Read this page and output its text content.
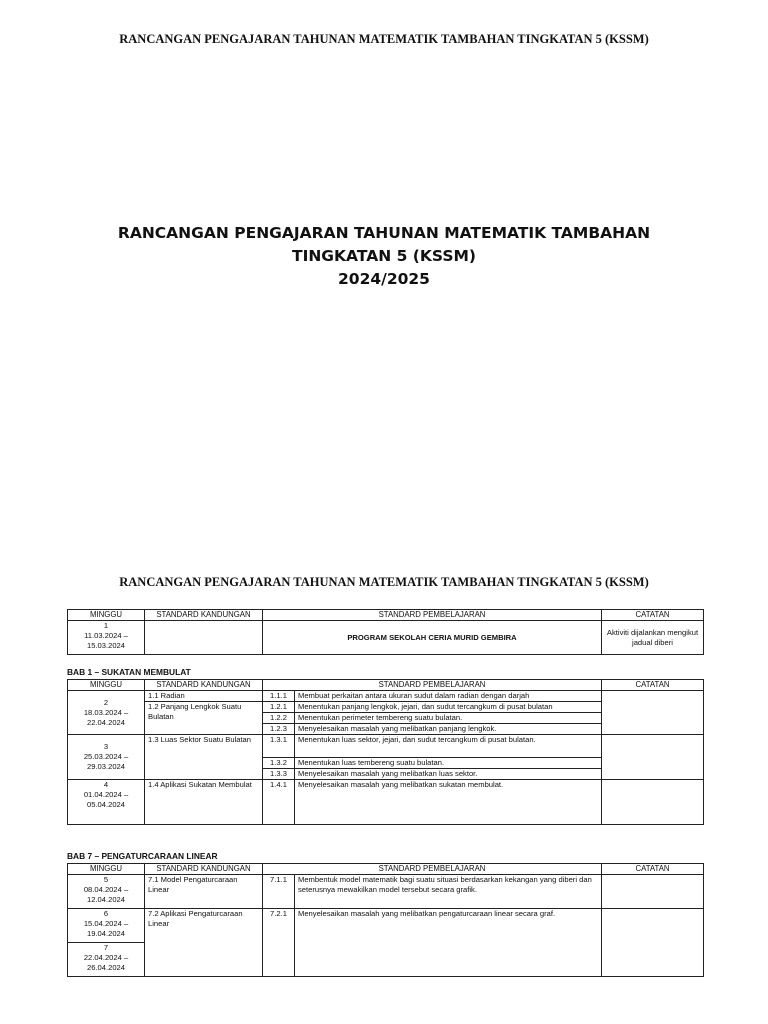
RANCANGAN PENGAJARAN TAHUNAN MATEMATIK TAMBAHAN TINGKATAN 5 (KSSM)
RANCANGAN PENGAJARAN TAHUNAN MATEMATIK TAMBAHAN
TINGKATAN 5 (KSSM)
2024/2025
RANCANGAN PENGAJARAN TAHUNAN MATEMATIK TAMBAHAN TINGKATAN 5 (KSSM)
MINGGU	STANDARD KANDUNGAN	STANDARD PEMBELAJARAN	CATATAN

1
11.03.2024 –
15.03.2024		PROGRAM SEKOLAH CERIA MURID GEMBIRA	Aktiviti dijalankan mengikut jadual diberi
BAB 1 – SUKATAN MEMBULAT
MINGGU	STANDARD KANDUNGAN	STANDARD PEMBELAJARAN		CATATAN

2
18.03.2024 –
22.04.2024	1.1 Radian	1.1.1	Membuat perkaitan antara ukuran sudut dalam radian dengan darjah	
	1.2 Panjang Lengkok Suatu Bulatan	1.2.1	Menentukan panjang lengkok, jejari, dan sudut tercangkum di pusat bulatan	
		1.2.2	Menentukan perimeter tembereng suatu bulatan.	
		1.2.3	Menyelesaikan masalah yang melibatkan panjang lengkok.	

3
25.03.2024 –
29.03.2024	1.3 Luas Sektor Suatu Bulatan	1.3.1	Menentukan luas sektor, jejari, dan sudut tercangkum di pusat bulatan.	
		1.3.2	Menentukan luas tembereng suatu bulatan.	
		1.3.3	Menyelesaikan masalah yang melibatkan luas sektor.	

4
01.04.2024 –
05.04.2024	1.4 Aplikasi Sukatan Membulat	1.4.1	Menyelesaikan masalah yang melibatkan sukatan membulat.	
BAB 7 – PENGATURCARAAN LINEAR
MINGGU	STANDARD KANDUNGAN	STANDARD PEMBELAJARAN		CATATAN

5
08.04.2024 –
12.04.2024	7.1 Model Pengaturcaraan Linear	7.1.1	Membentuk model matematik bagi suatu situasi berdasarkan kekangan yang diberi dan seterusnya mewakilkan model tersebut secara grafik.	

6
15.04.2024 –
19.04.2024	7.2 Aplikasi Pengaturcaraan Linear	7.2.1	Menyelesaikan masalah yang melibatkan pengaturcaraan linear secara graf.	

7
22.04.2024 –
26.04.2024				
